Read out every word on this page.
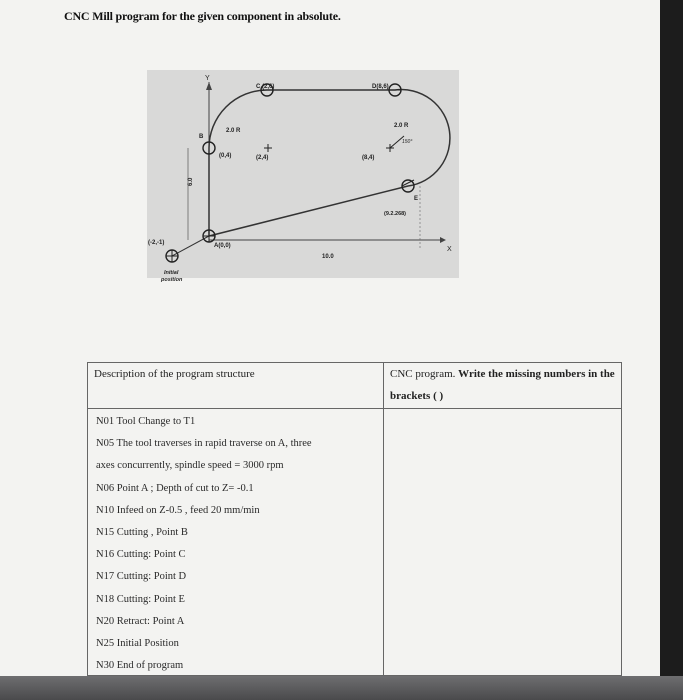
CNC Mill program for the given component in absolute.
Y
X
C (2,6)	D(8,6)
B
(0,4)
2.0 R
(2,4)	(8,4)
2.0 R
150°
E
(9.2.268)
A(0,0)
(-2,-1)
10.0
6.0
Initial
position
Description of the program structure	CNC program. Write the missing numbers in the brackets ( )
N01 Tool Change to T1
N05 The tool traverses in rapid traverse on A, three
axes concurrently, spindle speed = 3000 rpm
N06 Point A ; Depth of cut to Z= -0.1
N10 Infeed on Z-0.5 , feed 20 mm/min
N15 Cutting , Point B
N16 Cutting: Point C
N17 Cutting: Point D
N18 Cutting: Point E
N20 Retract: Point A
N25 Initial Position
N30 End of program
